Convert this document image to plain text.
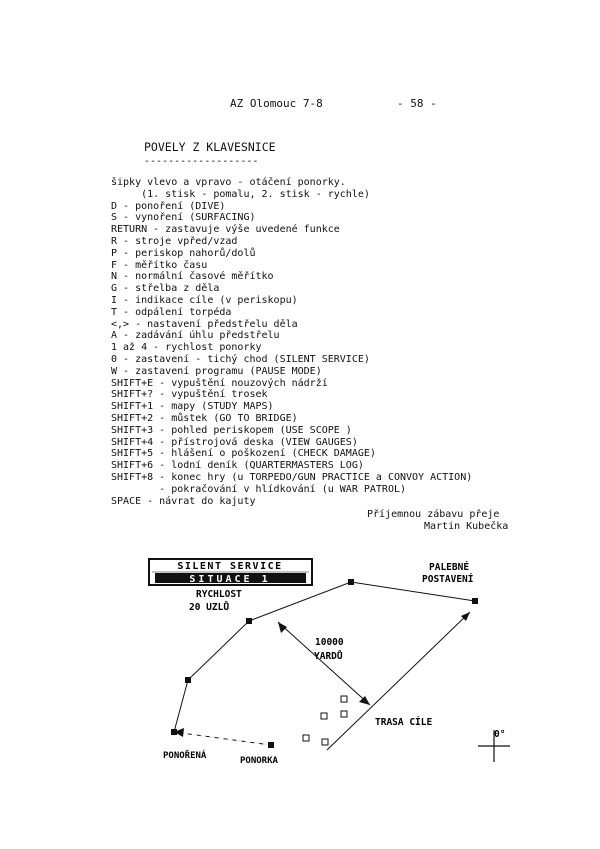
AZ Olomouc 7-8	- 58 -
POVELY Z KLAVESNICE
-------------------
šipky vlevo a vpravo - otáčení ponorky.
(1. stisk - pomalu, 2. stisk - rychle)
D - ponoření (DIVE)
S - vynoření (SURFACING)
RETURN - zastavuje výše uvedené funkce
R - stroje vpřed/vzad
P - periskop nahorů/dolů
F - měřítko času
N - normální časové měřítko
G - střelba z děla
I - indikace cíle (v periskopu)
T - odpálení torpéda
<,> - nastavení předstřelu děla
A - zadávání úhlu předstřelu
1 až 4 - rychlost ponorky
0 - zastavení - tichý chod (SILENT SERVICE)
W - zastavení programu (PAUSE MODE)
SHIFT+E - vypuštění nouzových nádrží
SHIFT+? - vypuštění trosek
SHIFT+1 - mapy (STUDY MAPS)
SHIFT+2 - můstek (GO TO BRIDGE)
SHIFT+3 - pohled periskopem (USE SCOPE )
SHIFT+4 - přístrojová deska (VIEW GAUGES)
SHIFT+5 - hlášení o poškození (CHECK DAMAGE)
SHIFT+6 - lodní deník (QUARTERMASTERS LOG)
SHIFT+8 - konec hry (u TORPEDO/GUN PRACTICE a CONVOY ACTION)
- pokračování v hlídkování (u WAR PATROL)
SPACE - návrat do kajuty
Příjemnou zábavu přeje
Martin Kubečka
SILENT SERVICE
SITUACE 1
RYCHLOST
20 UZLŮ
PALEBNÉ
POSTAVENÍ
10000
YARDŮ
TRASA CÍLE
PONOŘENÁ	PONORKA
0°
